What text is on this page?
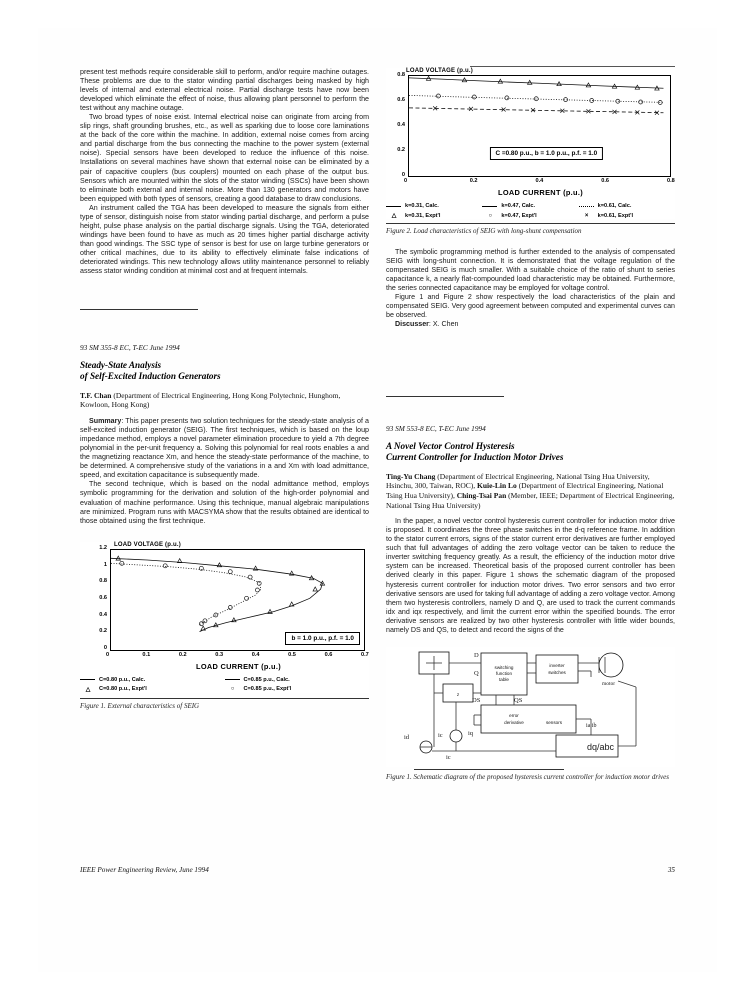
present test methods require considerable skill to perform, and/or require machine outages. These problems are due to the stator winding partial discharges being masked by high levels of internal and external electrical noise. Partial discharge tests have now been developed which eliminate the effect of noise, thus allowing plant personnel to perform the test without any machine outage.

Two broad types of noise exist. Internal electrical noise can originate from arcing from slip rings, shaft grounding brushes, etc., as well as sparking due to loose core laminations at the back of the core within the machine. In addition, external noise comes from arcing and partial discharge from the bus connecting the machine to the power system (external noise). Special sensors have been developed to reduce the influence of this noise. Installations on several machines have shown that external noise can be eliminated by a pair of capacitive couplers (bus couplers) mounted on each phase of the output bus. Sensors which are mounted within the slots of the stator winding (SSCs) have been shown to eliminate both external and internal noise. More than 130 generators and motors have been equipped with both types of sensors, creating a good database to draw conclusions.

An instrument called the TGA has been developed to measure the signals from either type of sensor, distinguish noise from stator winding partial discharge, and perform a pulse height, pulse phase analysis on the partial discharge signals. Using the TGA, deteriorated windings have been found to have as much as 20 times higher partial discharge activity than good windings. The SSC type of sensor is best for use on large turbine generators or other critical machines, due to its ability to effectively eliminate false indications of deteriorated windings. This new technology allows utility maintenance personnel to reliably assess stator winding condition at minimal cost and at frequent internals.

93 SM 355-8 EC, T-EC June 1994
Steady-State Analysis
of Self-Excited Induction Generators
T.F. Chan (Department of Electrical Engineering, Hong Kong Polytechnic, Hunghom, Kowloon, Hong Kong)

Summary: This paper presents two solution techniques for the steady-state analysis of a self-excited induction generator (SEIG). The first techniques, which is based on the loup impedance method, employs a novel parameter elimination procedure to yield a 7th degree polynomial in the per-unit frequency a. Solving this polynomial for real roots enables a and the magnetizing reactance Xm, and hence the steady-state performance of the machine, to be determined. A comprehensive study of the variations in a and Xm with load admittance, speed, and excitation capacitance is subsequently made.

The second technique, which is based on the nodal admittance method, employs symbolic programming for the derivation and solution of the high-order polynomial and evaluation of machine performance. Using this technique, manual algebraic manipulations are minimized. Program runs with MACSYMA show that the results obtained are identical to those obtained using the first technique.

LOAD VOLTAGE (p.u.)
b = 1.0 p.u., p.f. = 1.0
0
0.2
0.4
0.6
0.8
1
1.2
0	0.1	0.2	0.3	0.4	0.5	0.6	0.7
LOAD CURRENT (p.u.)
C=0.80 p.u., Calc.	C=0.85 p.u., Calc.
△	C=0.80 p.u., Expt'l	○	C=0.85 p.u., Expt'l
Figure 1. External characteristics of SEIG
LOAD VOLTAGE (p.u.)
C =0.80 p.u., b = 1.0 p.u., p.f. = 1.0
0
0.2
0.4
0.6
0.8
0	0.2	0.4	0.6	0.8
LOAD CURRENT (p.u.)
k=0.31, Calc.	k=0.47, Calc.	k=0.61, Calc.
△	k=0.31, Expt'l	○	k=0.47, Expt'l	×	k=0.61, Expt'l
Figure 2. Load characteristics of SEIG with long-shunt compensation

The symbolic programming method is further extended to the analysis of compensated SEIG with long-shunt connection. It is demonstrated that the voltage regulation of the compensated SEIG is much smaller. With a suitable choice of the ratio of shunt to series capacitance k, a nearly flat-compounded load characteristic may be obtained. Furthermore, the series connected capacitance may be employed for voltage control.

Figure 1 and Figure 2 show respectively the load characteristics of the plain and compensated SEIG. Very good agreement between computed and experimental curves can be observed.

Discusser: X. Chen

93 SM 553-8 EC, T-EC June 1994
A Novel Vector Control Hysteresis
Current Controller for Induction Motor Drives
Ting-Yu Chang (Department of Electrical Engineering, National Tsing Hua University, Hsinchu, 300, Taiwan, ROC), Kuie-Lin Lo (Department of Electrical Engineering, National Tsing Hua University), Ching-Tsai Pan (Member, IEEE; Department of Electrical Engineering, National Tsing Hua University)

In the paper, a novel vector control hysteresis current controller for induction motor drive is proposed. It coordinates the three phase switches in the d-q reference frame. In addition to the stator current errors, signs of the stator current error derivatives are further employed such that full advantages of adding the zero voltage vector can be taken to reduce the inverter switching frequency greatly. As a result, the efficiency of the induction motor drive system can be increased. Theoretical basis of the proposed current controller has been derived clearly in this paper. Figure 1 shows the schematic diagram of the proposed hysteresis current controller for induction motor drives. Two error sensors and two error derivative sensors are used for taking full advantage of adding a zero voltage vector. Among them two hysteresis controllers, namely D and Q, are used to track the current commands idx and iqx respectively, and limit the current error within the specified bounds. The error derivative sensors are realized by two other hysteresis controller with little wider bounds, namely DS and QS, to detect and record the signs of the

switching
function
table
inverter
switches
error
derivative	sensors
z
D
Q
DS	QS
motor
ia ib
id	ic	iq
ic
dq/abc
Figure 1. Schematic diagram of the proposed hysteresis current controller for induction motor drives
IEEE Power Engineering Review, June 1994	35
